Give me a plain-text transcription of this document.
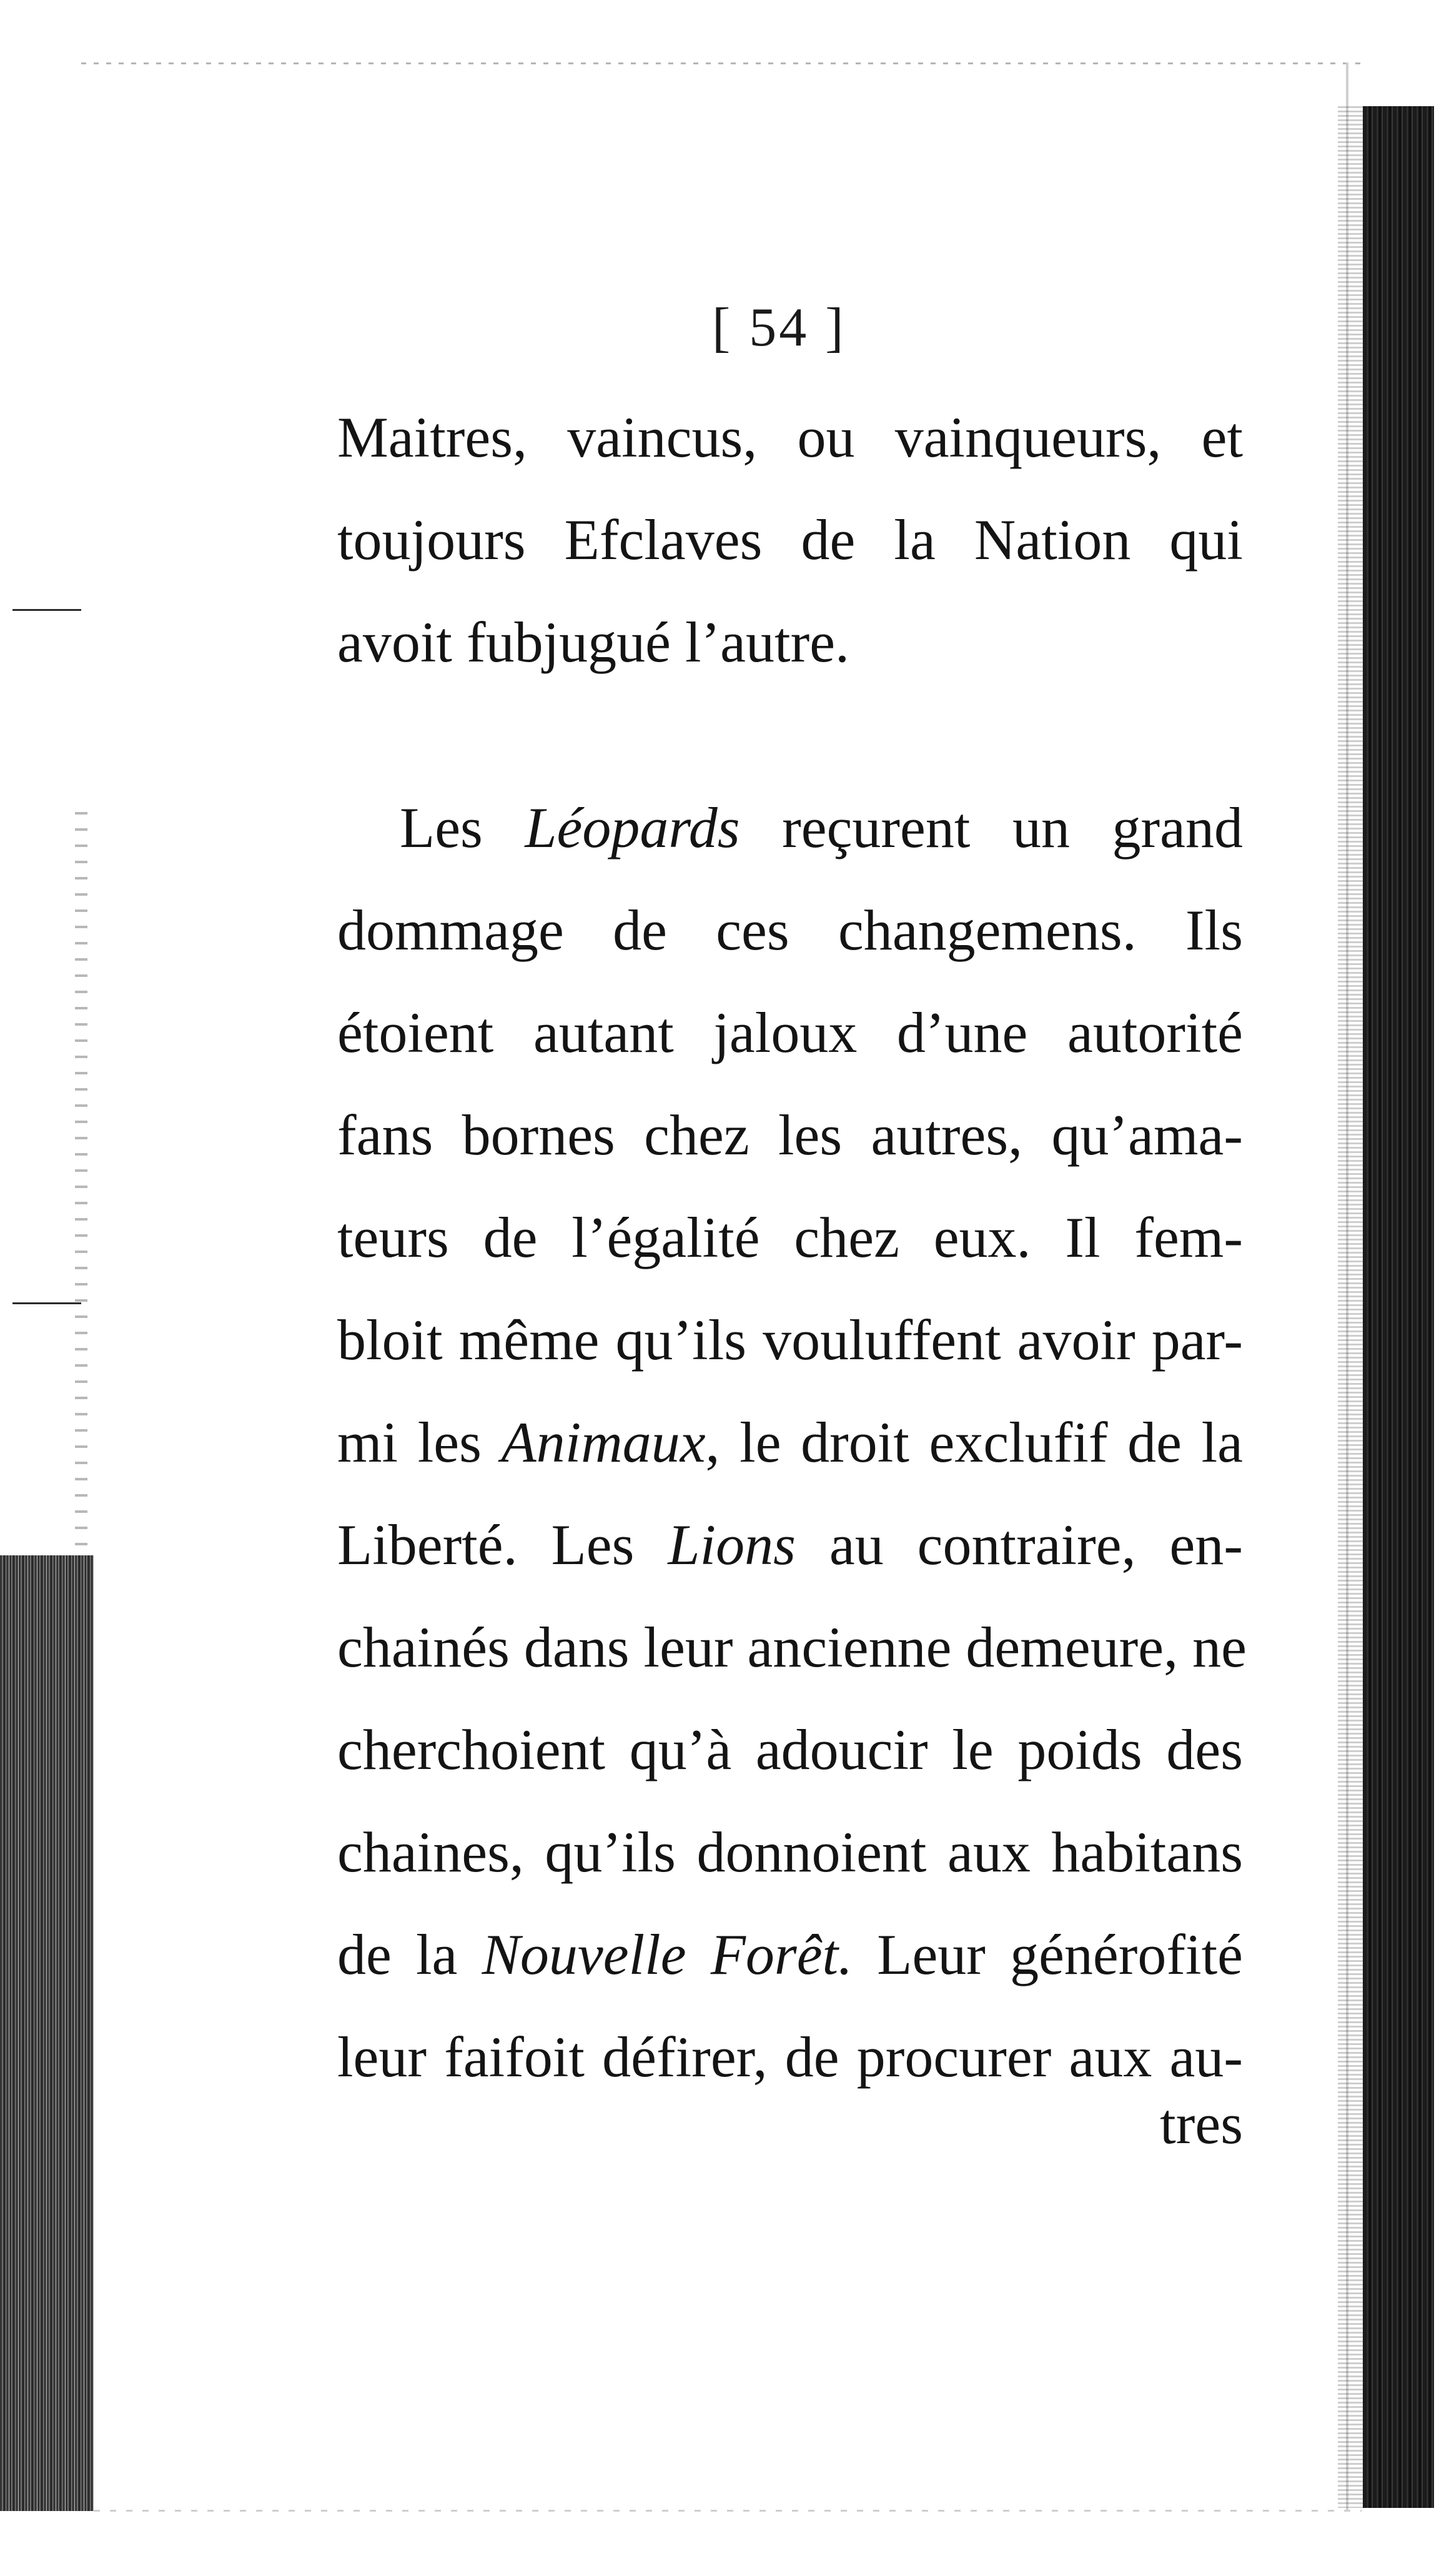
[ 54 ]
Maitres, vaincus, ou vainqueurs, et
toujours Efclaves de la Nation qui
avoit fubjugué l’autre.
Les Léopards reçurent un grand
dommage de ces changemens. Ils
étoient autant jaloux d’une autorité
fans bornes chez les autres, qu’ama-
teurs de l’égalité chez eux. Il fem-
bloit même qu’ils vouluffent avoir par-
mi les Animaux, le droit exclufif de la
Liberté. Les Lions au contraire, en-
chainés dans leur ancienne demeure, ne
cherchoient qu’à adoucir le poids des
chaines, qu’ils donnoient aux habitans
de la Nouvelle Forêt. Leur générofité
leur faifoit défirer, de procurer aux au-
tres
